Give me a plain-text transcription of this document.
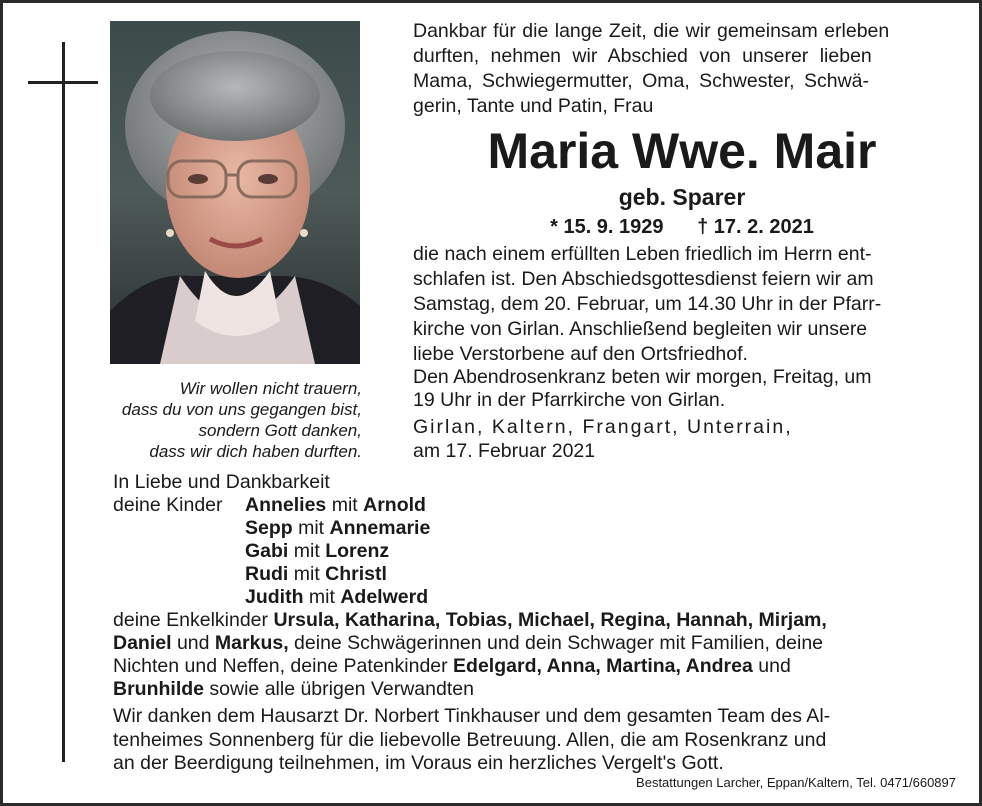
Wir wollen nicht trauern,
dass du von uns gegangen bist,
sondern Gott danken,
dass wir dich haben durften.
Dankbar für die lange Zeit, die wir gemeinsam erleben
durften, nehmen wir Abschied von unserer lieben
Mama, Schwiegermutter, Oma, Schwester, Schwä-
gerin, Tante und Patin, Frau
Maria Wwe. Mair
geb. Sparer
* 15. 9. 1929 † 17. 2. 2021
die nach einem erfüllten Leben friedlich im Herrn ent-
schlafen ist. Den Abschiedsgottesdienst feiern wir am
Samstag, dem 20. Februar, um 14.30 Uhr in der Pfarr-
kirche von Girlan. Anschließend begleiten wir unsere
liebe Verstorbene auf den Ortsfriedhof.
Den Abendrosenkranz beten wir morgen, Freitag, um
19 Uhr in der Pfarrkirche von Girlan.
Girlan, Kaltern, Frangart, Unterrain,
am 17. Februar 2021
In Liebe und Dankbarkeit
deine Kinder Annelies mit Arnold
Sepp mit Annemarie
Gabi mit Lorenz
Rudi mit Christl
Judith mit Adelwerd
deine Enkelkinder Ursula, Katharina, Tobias, Michael, Regina, Hannah, Mirjam,
Daniel und Markus, deine Schwägerinnen und dein Schwager mit Familien, deine
Nichten und Neffen, deine Patenkinder Edelgard, Anna, Martina, Andrea und
Brunhilde sowie alle übrigen Verwandten
Wir danken dem Hausarzt Dr. Norbert Tinkhauser und dem gesamten Team des Al-
tenheimes Sonnenberg für die liebevolle Betreuung. Allen, die am Rosenkranz und
an der Beerdigung teilnehmen, im Voraus ein herzliches Vergelt's Gott.
Bestattungen Larcher, Eppan/Kaltern, Tel. 0471/660897
